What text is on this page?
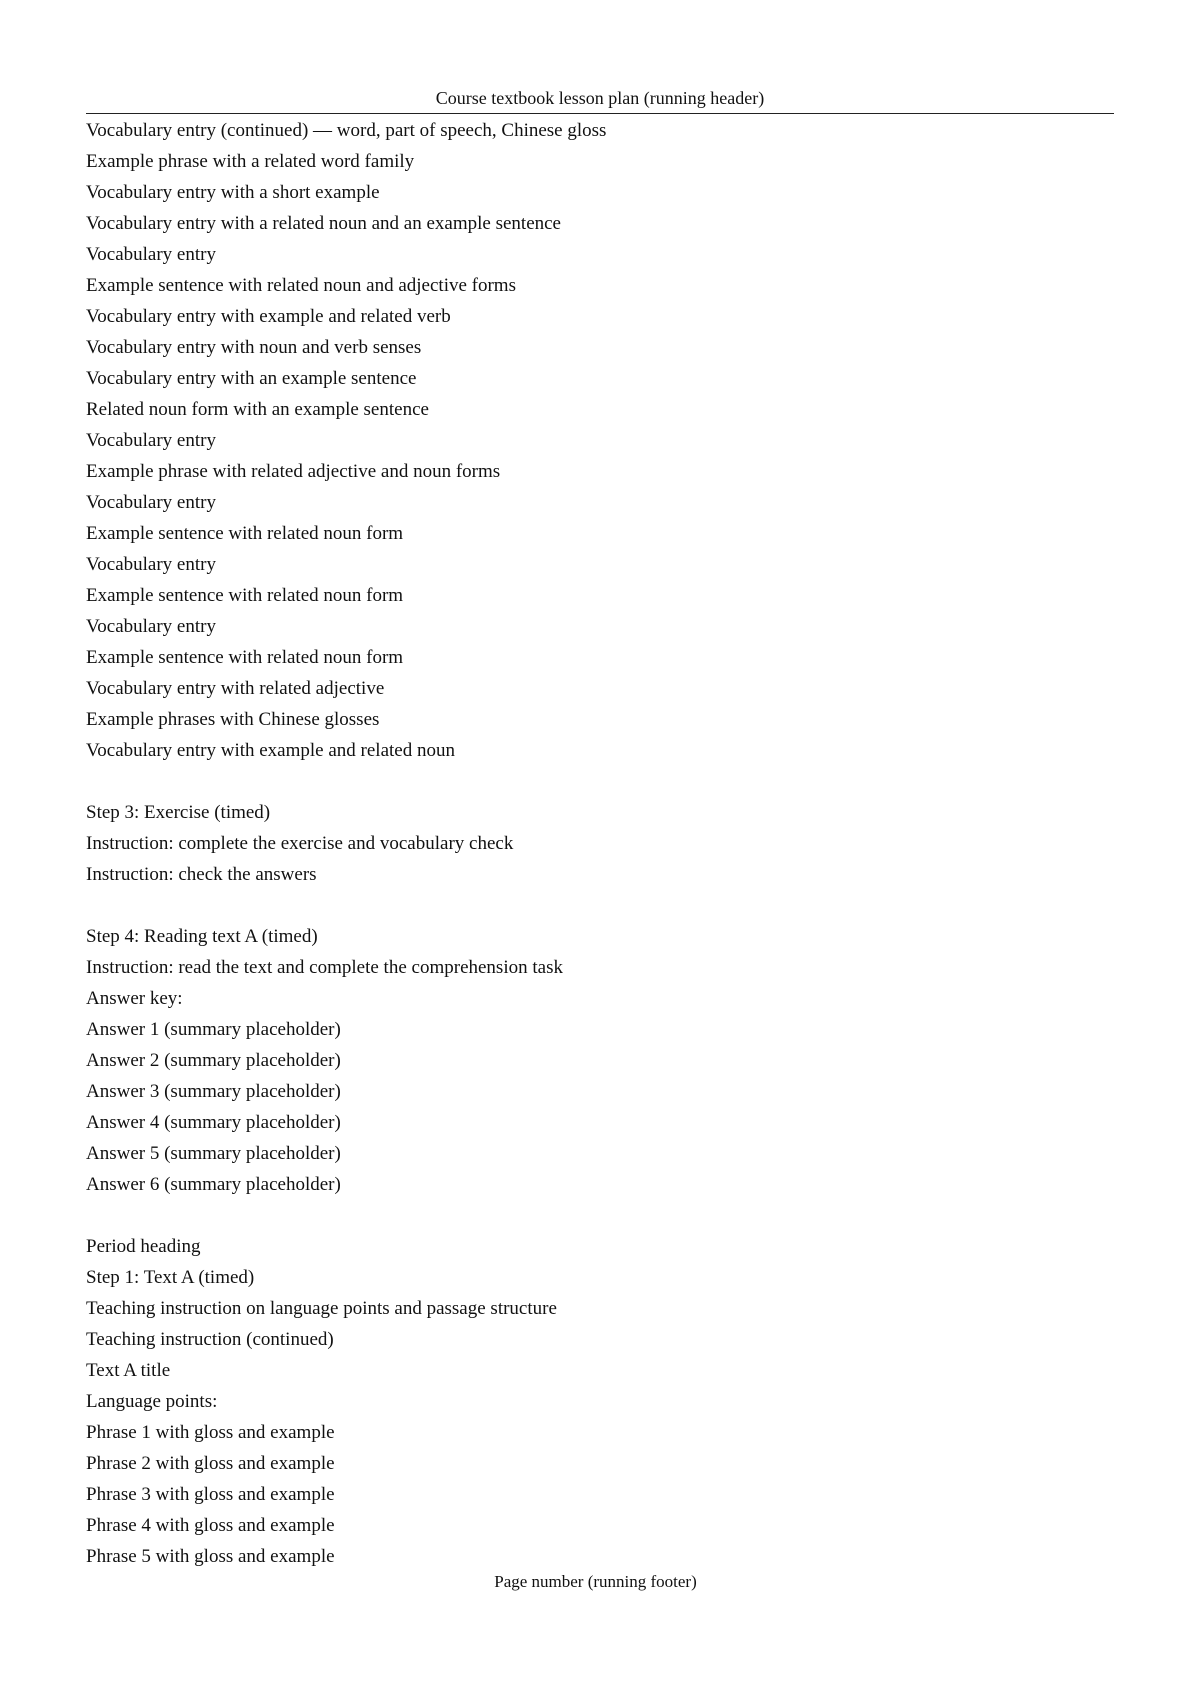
Course textbook lesson plan (running header)
Vocabulary entry (continued) — word, part of speech, Chinese gloss
Example phrase with a related word family
Vocabulary entry with a short example
Vocabulary entry with a related noun and an example sentence
Vocabulary entry
Example sentence with related noun and adjective forms
Vocabulary entry with example and related verb
Vocabulary entry with noun and verb senses
Vocabulary entry with an example sentence
Related noun form with an example sentence
Vocabulary entry
Example phrase with related adjective and noun forms
Vocabulary entry
Example sentence with related noun form
Vocabulary entry
Example sentence with related noun form
Vocabulary entry
Example sentence with related noun form
Vocabulary entry with related adjective
Example phrases with Chinese glosses
Vocabulary entry with example and related noun
Step 3: Exercise (timed)
Instruction: complete the exercise and vocabulary check
Instruction: check the answers
Step 4: Reading text A (timed)
Instruction: read the text and complete the comprehension task
Answer key:
Answer 1 (summary placeholder)
Answer 2 (summary placeholder)
Answer 3 (summary placeholder)
Answer 4 (summary placeholder)
Answer 5 (summary placeholder)
Answer 6 (summary placeholder)
Period heading
Step 1: Text A (timed)
Teaching instruction on language points and passage structure
Teaching instruction (continued)
Text A title
Language points:
Phrase 1 with gloss and example
Phrase 2 with gloss and example
Phrase 3 with gloss and example
Phrase 4 with gloss and example
Phrase 5 with gloss and example
Page number (running footer)
